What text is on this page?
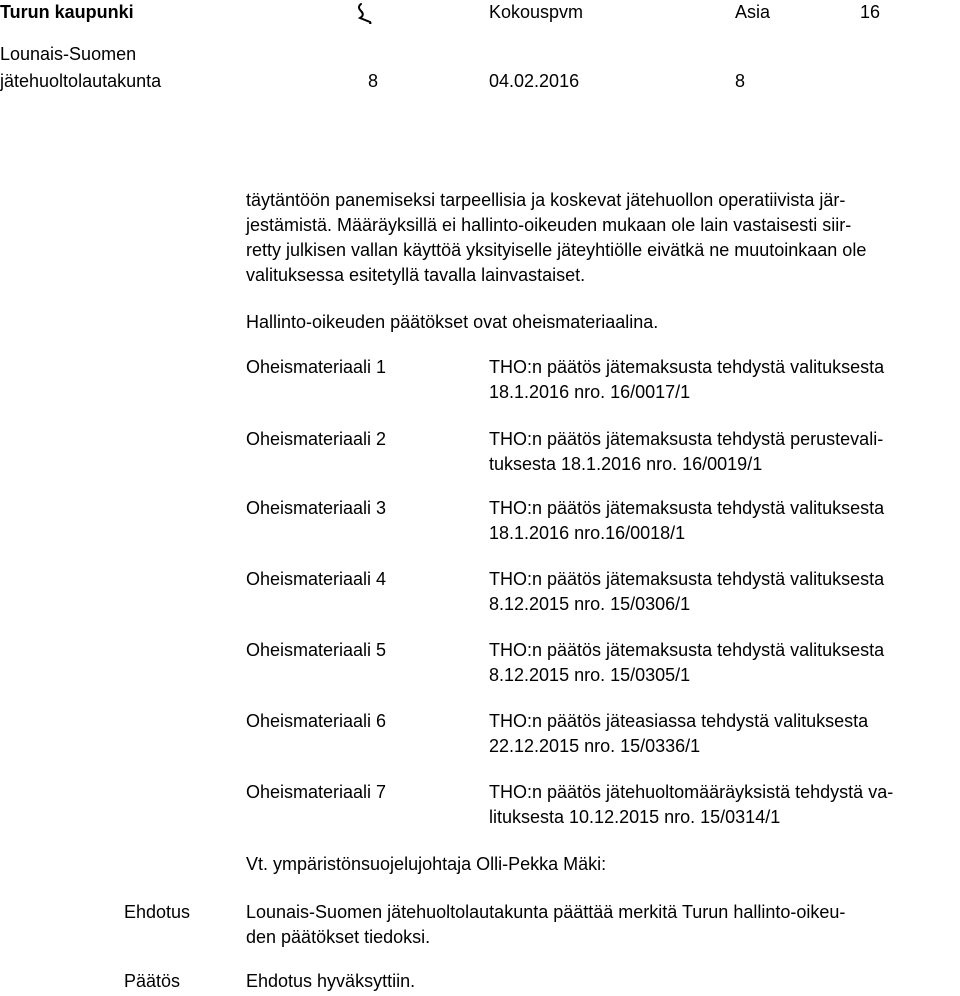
Turun kaupunki	Kokouspvm	Asia	16
Lounais-Suomen
jätehuoltolautakunta	8	04.02.2016	8
täytäntöön panemiseksi tarpeellisia ja koskevat jätehuollon operatiivista jär-
jestämistä. Määräyksillä ei hallinto-oikeuden mukaan ole lain vastaisesti siir-
retty julkisen vallan käyttöä yksityiselle jäteyhtiölle eivätkä ne muutoinkaan ole
valituksessa esitetyllä tavalla lainvastaiset.
Hallinto-oikeuden päätökset ovat oheismateriaalina.
Oheismateriaali 1	THO:n päätös jätemaksusta tehdystä valituksesta
18.1.2016 nro. 16/0017/1
Oheismateriaali 2	THO:n päätös jätemaksusta tehdystä perustevali-
tuksesta 18.1.2016 nro. 16/0019/1
Oheismateriaali 3	THO:n päätös jätemaksusta tehdystä valituksesta
18.1.2016 nro.16/0018/1
Oheismateriaali 4	THO:n päätös jätemaksusta tehdystä valituksesta
8.12.2015 nro. 15/0306/1
Oheismateriaali 5	THO:n päätös jätemaksusta tehdystä valituksesta
8.12.2015 nro. 15/0305/1
Oheismateriaali 6	THO:n päätös jäteasiassa tehdystä valituksesta
22.12.2015 nro. 15/0336/1
Oheismateriaali 7	THO:n päätös jätehuoltomääräyksistä tehdystä va-
lituksesta 10.12.2015 nro. 15/0314/1
Vt. ympäristönsuojelujohtaja Olli-Pekka Mäki:
Ehdotus	Lounais-Suomen jätehuoltolautakunta päättää merkitä Turun hallinto-oikeu-
den päätökset tiedoksi.
Päätös	Ehdotus hyväksyttiin.
